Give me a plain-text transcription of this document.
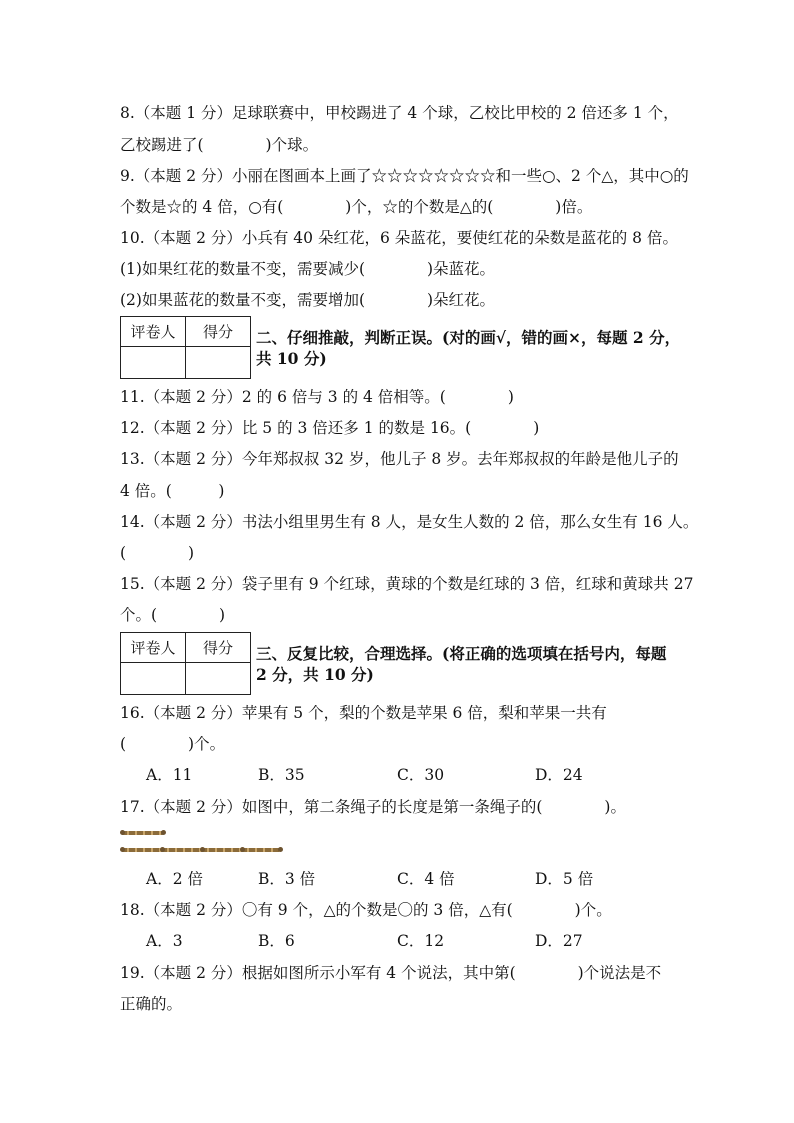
8.（本题 1 分）足球联赛中，甲校踢进了 4 个球，乙校比甲校的 2 倍还多 1 个，
乙校踢进了(　　　　)个球。
9.（本题 2 分）小丽在图画本上画了☆☆☆☆☆☆☆☆和一些○、2 个△，其中○的
个数是☆的 4 倍，○有(　　　　)个，☆的个数是△的(　　　　)倍。
10.（本题 2 分）小兵有 40 朵红花，6 朵蓝花，要使红花的朵数是蓝花的 8 倍。
(1)如果红花的数量不变，需要减少(　　　　)朵蓝花。
(2)如果蓝花的数量不变，需要增加(　　　　)朵红花。
评卷人	得分
	二、仔细推敲，判断正误。(对的画√，错的画×，每题 2 分，
共 10 分)
11.（本题 2 分）2 的 6 倍与 3 的 4 倍相等。(　　　　)
12.（本题 2 分）比 5 的 3 倍还多 1 的数是 16。(　　　　)
13.（本题 2 分）今年郑叔叔 32 岁，他儿子 8 岁。去年郑叔叔的年龄是他儿子的
4 倍。(　　　)
14.（本题 2 分）书法小组里男生有 8 人，是女生人数的 2 倍，那么女生有 16 人。
(　　　　)
15.（本题 2 分）袋子里有 9 个红球，黄球的个数是红球的 3 倍，红球和黄球共 27
个。(　　　　)
评卷人	得分
	三、反复比较，合理选择。(将正确的选项填在括号内，每题
2 分，共 10 分)
16.（本题 2 分）苹果有 5 个，梨的个数是苹果 6 倍，梨和苹果一共有
(　　　　)个。
A．11	B．35	C．30	D．24
17.（本题 2 分）如图中，第二条绳子的长度是第一条绳子的(　　　　)。
A．2 倍	B．3 倍	C．4 倍	D．5 倍
18.（本题 2 分）〇有 9 个，△的个数是〇的 3 倍，△有(　　　　)个。
A．3	B．6	C．12	D．27
19.（本题 2 分）根据如图所示小军有 4 个说法，其中第(　　　　)个说法是不
正确的。
